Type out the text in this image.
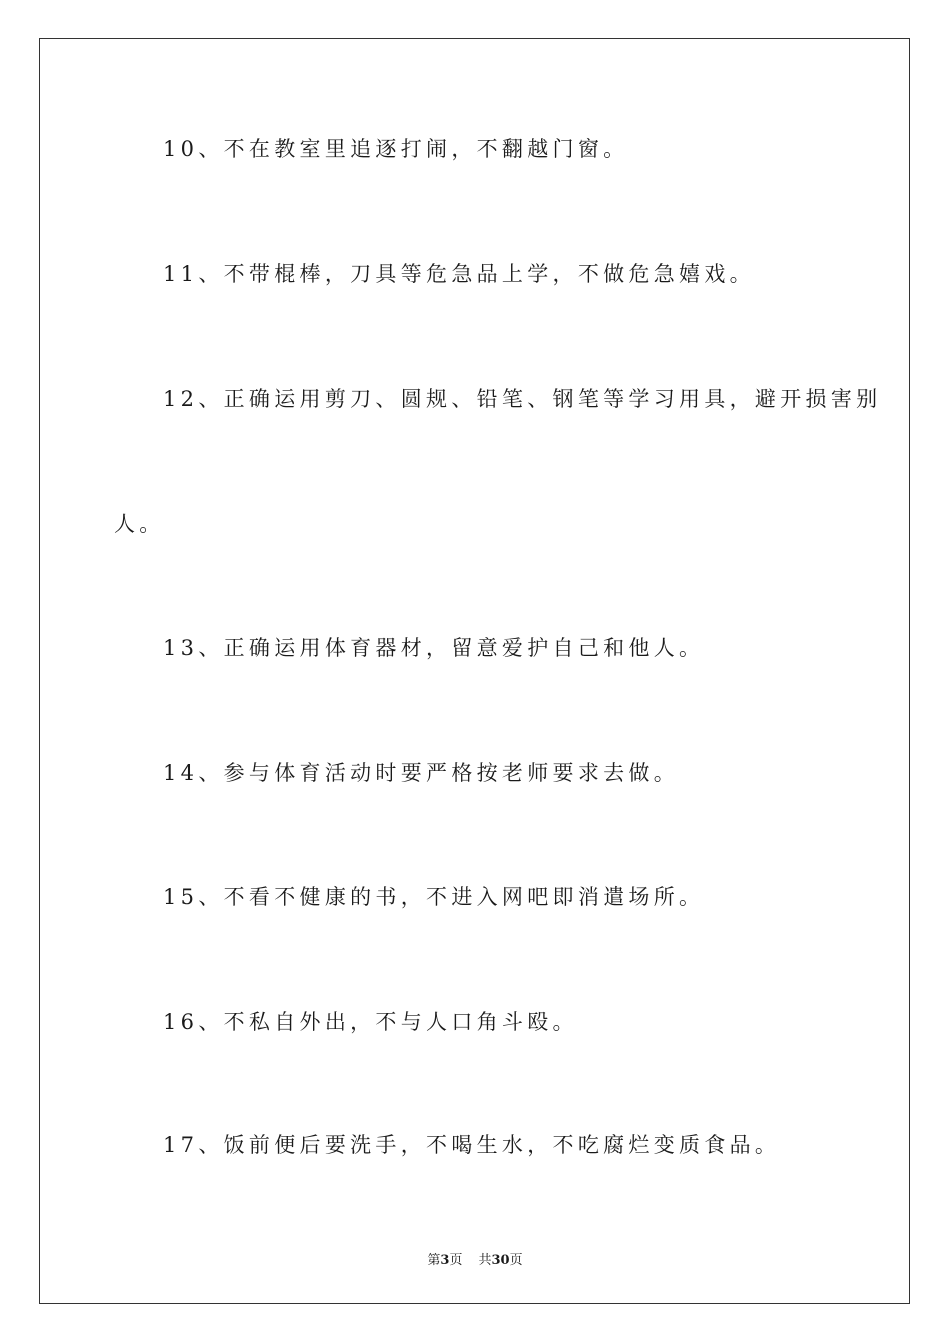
10、不在教室里追逐打闹，不翻越门窗。
11、不带棍棒，刀具等危急品上学，不做危急嬉戏。
12、正确运用剪刀、圆规、铅笔、钢笔等学习用具，避开损害别
人。
13、正确运用体育器材，留意爱护自己和他人。
14、参与体育活动时要严格按老师要求去做。
15、不看不健康的书，不进入网吧即消遣场所。
16、不私自外出，不与人口角斗殴。
17、饭前便后要洗手，不喝生水，不吃腐烂变质食品。
第3页 共30页
